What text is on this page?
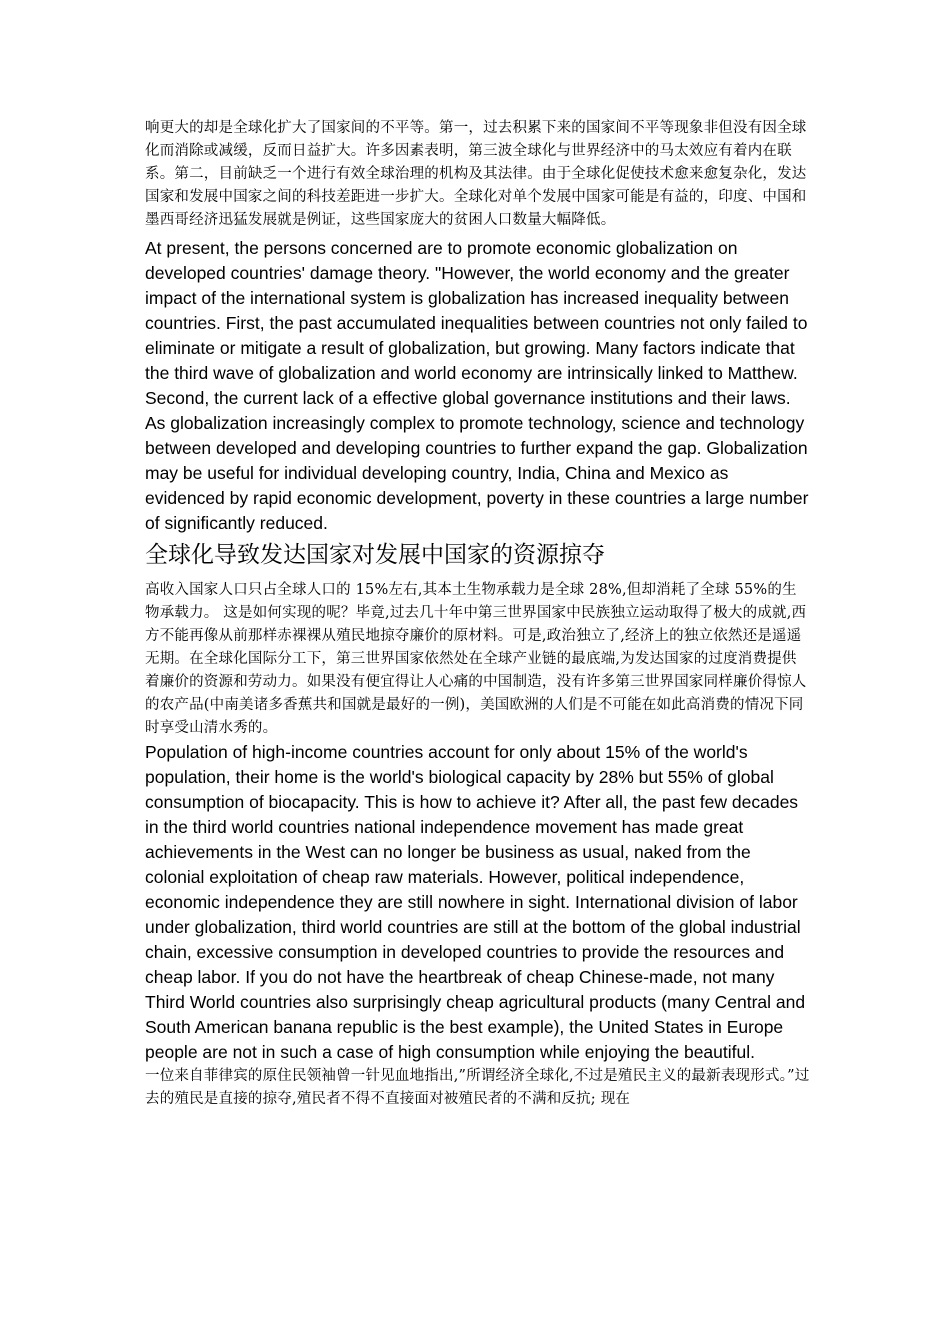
响更大的却是全球化扩大了国家间的不平等。第一，过去积累下来的国家间不平等现象非但没有因全球化而消除或减缓，反而日益扩大。许多因素表明，第三波全球化与世界经济中的马太效应有着内在联系。第二，目前缺乏一个进行有效全球治理的机构及其法律。由于全球化促使技术愈来愈复杂化，发达国家和发展中国家之间的科技差距进一步扩大。全球化对单个发展中国家可能是有益的，印度、中国和墨西哥经济迅猛发展就是例证，这些国家庞大的贫困人口数量大幅降低。

At present, the persons concerned are to promote economic globalization on developed countries' damage theory. "However, the world economy and the greater impact of the international system is globalization has increased inequality between countries. First, the past accumulated inequalities between countries not only failed to eliminate or mitigate a result of globalization, but growing. Many factors indicate that the third wave of globalization and world economy are intrinsically linked to Matthew. Second, the current lack of a effective global governance institutions and their laws. As globalization increasingly complex to promote technology, science and technology between developed and developing countries to further expand the gap. Globalization may be useful for individual developing country, India, China and Mexico as evidenced by rapid economic development, poverty in these countries a large number of significantly reduced.

全球化导致发达国家对发展中国家的资源掠夺

高收入国家人口只占全球人口的 15%左右,其本土生物承载力是全球 28%,但却消耗了全球 55%的生物承载力。 这是如何实现的呢？毕竟,过去几十年中第三世界国家中民族独立运动取得了极大的成就,西方不能再像从前那样赤裸裸从殖民地掠夺廉价的原材料。可是,政治独立了,经济上的独立依然还是遥遥无期。在全球化国际分工下，第三世界国家依然处在全球产业链的最底端,为发达国家的过度消费提供着廉价的资源和劳动力。如果没有便宜得让人心痛的中国制造，没有许多第三世界国家同样廉价得惊人的农产品(中南美诸多香蕉共和国就是最好的一例)，美国欧洲的人们是不可能在如此高消费的情况下同时享受山清水秀的。

Population of high-income countries account for only about 15% of the world's population, their home is the world's biological capacity by 28% but 55% of global consumption of biocapacity. This is how to achieve it? After all, the past few decades in the third world countries national independence movement has made great achievements in the West can no longer be business as usual, naked from the colonial exploitation of cheap raw materials. However, political independence, economic independence they are still nowhere in sight. International division of labor under globalization, third world countries are still at the bottom of the global industrial chain, excessive consumption in developed countries to provide the resources and cheap labor. If you do not have the heartbreak of cheap Chinese-made, not many Third World countries also surprisingly cheap agricultural products (many Central and South American banana republic is the best example), the United States in Europe people are not in such a case of high consumption while enjoying the beautiful.

一位来自菲律宾的原住民领袖曾一针见血地指出,”所谓经济全球化,不过是殖民主义的最新表现形式。”过去的殖民是直接的掠夺,殖民者不得不直接面对被殖民者的不满和反抗; 现在
